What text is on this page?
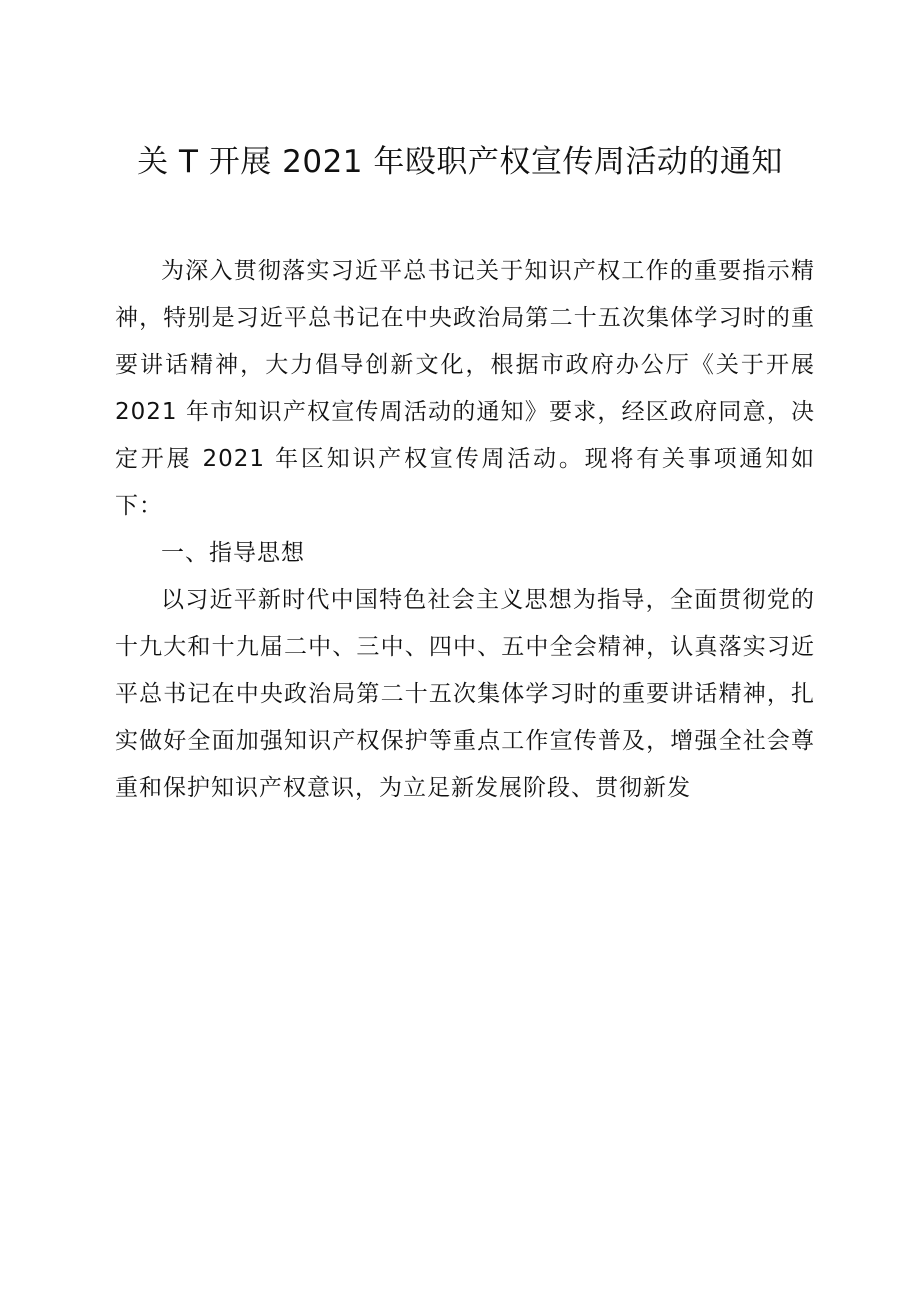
关 T 开展 2021 年殴职产权宣传周活动的通知

为深入贯彻落实习近平总书记关于知识产权工作的重要指示精神，特别是习近平总书记在中央政治局第二十五次集体学习时的重要讲话精神，大力倡导创新文化，根据市政府办公厅《关于开展 2021 年市知识产权宣传周活动的通知》要求，经区政府同意，决定开展 2021 年区知识产权宣传周活动。现将有关事项通知如下：

一、指导思想

以习近平新时代中国特色社会主义思想为指导，全面贯彻党的十九大和十九届二中、三中、四中、五中全会精神，认真落实习近平总书记在中央政治局第二十五次集体学习时的重要讲话精神，扎实做好全面加强知识产权保护等重点工作宣传普及，增强全社会尊重和保护知识产权意识，为立足新发展阶段、贯彻新发
